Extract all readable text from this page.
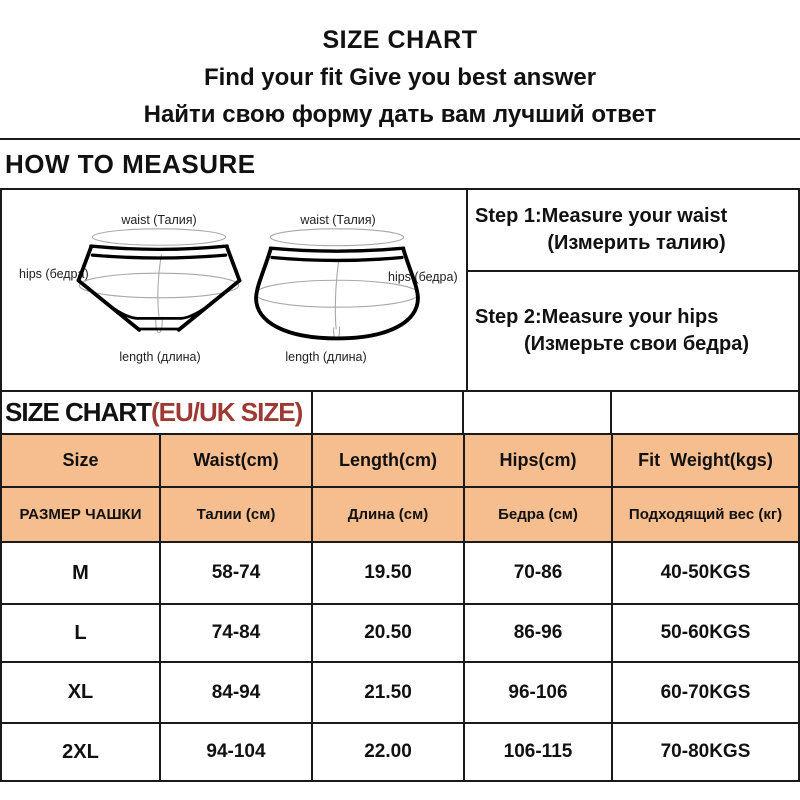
SIZE CHART
Find your fit Give you best answer
Найти свою форму дать вам лучший ответ
HOW TO MEASURE
waist (Талия)
hips (бедра)
length (длина)
waist (Талия)
hips (бедра)
length (длина)
Step 1:Measure your waist
(Измерить талию)
Step 2:Measure your hips
(Измерьте свои бедра)
SIZE CHART(EU/UK SIZE)
Size	Waist(cm)	Length(cm)	Hips(cm)	Fit  Weight(kgs)
РАЗМЕР ЧАШКИ	Талии (см)	Длина (см)	Бедра (см)	Подходящий вес (кг)
M	58-74	19.50	70-86	40-50KGS
L	74-84	20.50	86-96	50-60KGS
XL	84-94	21.50	96-106	60-70KGS
2XL	94-104	22.00	106-115	70-80KGS
